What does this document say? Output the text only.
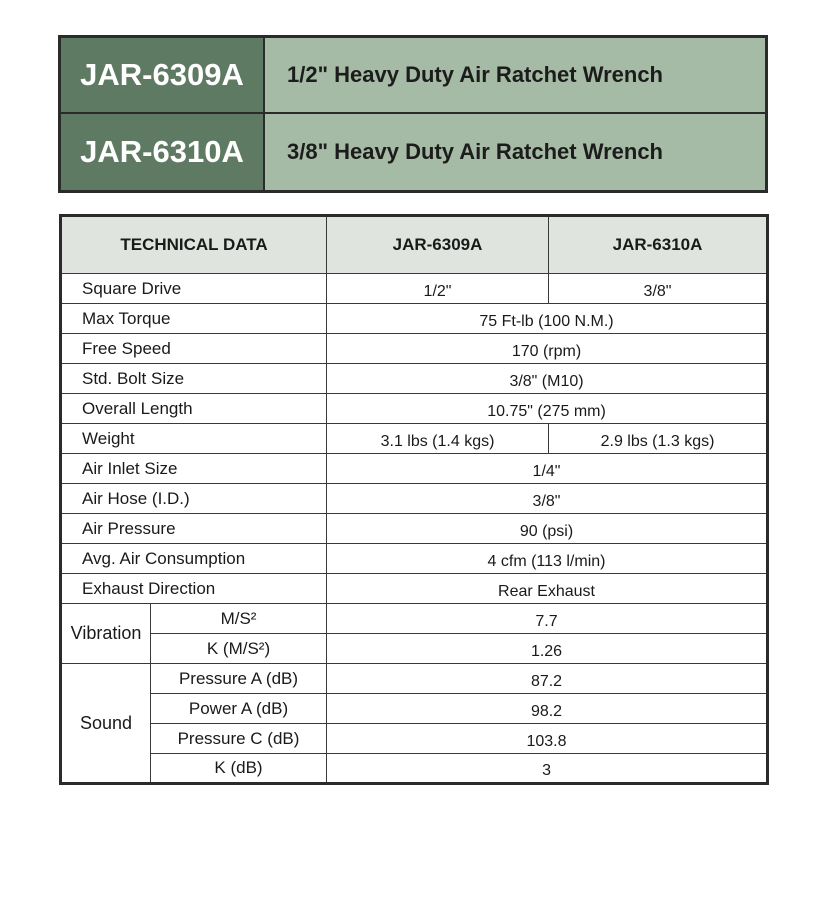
JAR-6309A	1/2" Heavy Duty Air Ratchet Wrench
JAR-6310A	3/8" Heavy Duty Air Ratchet Wrench
TECHNICAL DATA		JAR-6309A	JAR-6310A
Square Drive		1/2"	3/8"
Max Torque		75 Ft-lb (100 N.M.)	
Free Speed		170 (rpm)	
Std. Bolt Size		3/8" (M10)	
Overall Length		10.75" (275 mm)	
Weight		3.1 lbs (1.4 kgs)	2.9 lbs (1.3 kgs)
Air Inlet Size		1/4"	
Air Hose (I.D.)		3/8"	
Air Pressure		90 (psi)	
Avg. Air Consumption		4 cfm (113 l/min)	
Exhaust Direction		Rear Exhaust	
Vibration	M/S²	7.7	
	K (M/S²)	1.26	
Sound	Pressure A (dB)	87.2	
	Power A (dB)	98.2	
	Pressure C (dB)	103.8	
	K (dB)	3	
